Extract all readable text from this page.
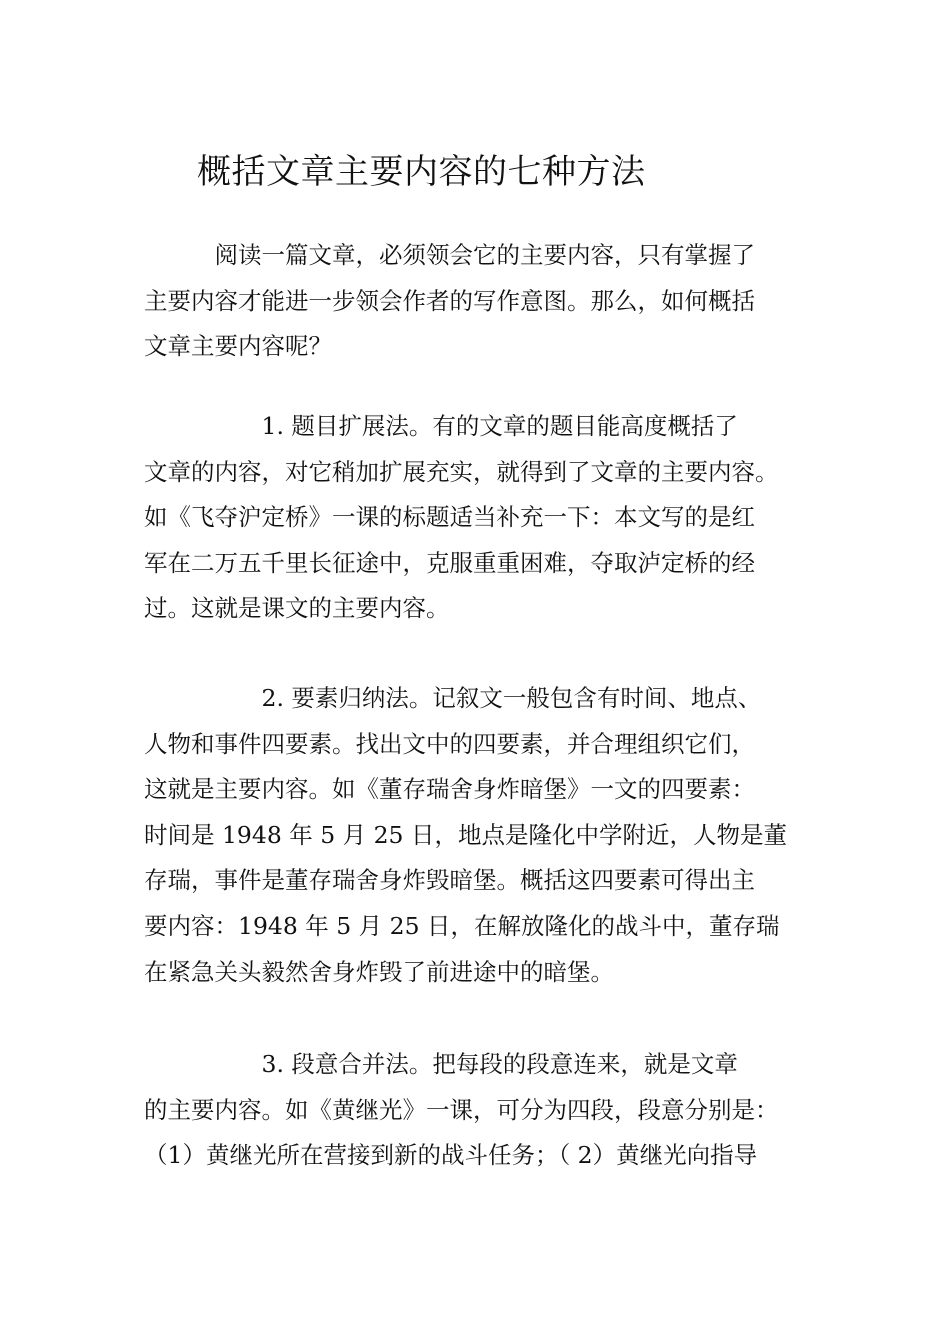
概括文章主要内容的七种方法
　　　阅读一篇文章，必须领会它的主要内容，只有掌握了
主要内容才能进一步领会作者的写作意图。那么，如何概括
文章主要内容呢？
　　　　　1. 题目扩展法。有的文章的题目能高度概括了
文章的内容，对它稍加扩展充实，就得到了文章的主要内容。
如《飞夺沪定桥》一课的标题适当补充一下：本文写的是红
军在二万五千里长征途中，克服重重困难，夺取泸定桥的经
过。这就是课文的主要内容。
　　　　　2. 要素归纳法。记叙文一般包含有时间、地点、
人物和事件四要素。找出文中的四要素，并合理组织它们，
这就是主要内容。如《董存瑞舍身炸暗堡》一文的四要素：
时间是 1948 年 5 月 25 日，地点是隆化中学附近，人物是董
存瑞，事件是董存瑞舍身炸毁暗堡。概括这四要素可得出主
要内容：1948 年 5 月 25 日，在解放隆化的战斗中，董存瑞
在紧急关头毅然舍身炸毁了前进途中的暗堡。
　　　　　3. 段意合并法。把每段的段意连来，就是文章
的主要内容。如《黄继光》一课，可分为四段，段意分别是：
（1）黄继光所在营接到新的战斗任务；（ 2）黄继光向指导
